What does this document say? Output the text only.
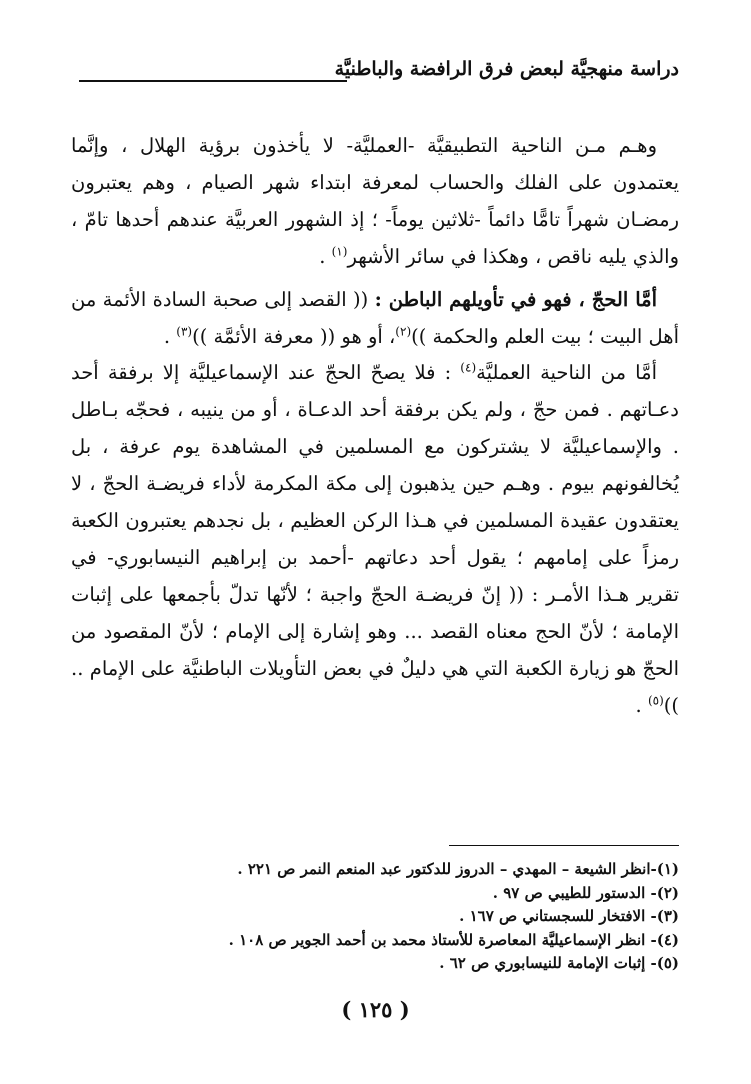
دراسة منهجيَّة لبعض فرق الرافضة والباطنيَّة

وهـم مـن الناحية التطبيقيَّة -العمليَّة- لا يأخذون برؤية الهلال ، وإنَّما يعتمدون على الفلك والحساب لمعرفة ابتداء شهر الصيام ، وهم يعتبرون رمضـان شهراً تامًّا دائماً -ثلاثين يوماً- ؛ إذ الشهور العربيَّة عندهم أحدها تامّ ، والذي يليه ناقص ، وهكذا في سائر الأشهر$^{(١)}$ .

أمَّا الحجّ ، فهو في تأويلهم الباطن : (( القصد إلى صحبة السادة الأئمة من أهل البيت ؛ بيت العلم والحكمة ))$^{(٢)}$، أو هو (( معرفة الأئمَّة ))$^{(٣)}$ .

أمَّا من الناحية العمليَّة$^{(٤)}$ : فلا يصحّ الحجّ عند الإسماعيليَّة إلا برفقة أحد دعـاتهم . فمن حجّ ، ولم يكن برفقة أحد الدعـاة ، أو من ينيبه ، فحجّه بـاطل . والإسماعيليَّة لا يشتركون مع المسلمين في المشاهدة يوم عرفة ، بل يُخالفونهم بيوم . وهـم حين يذهبون إلى مكة المكرمة لأداء فريضـة الحجّ ، لا يعتقدون عقيدة المسلمين في هـذا الركن العظيم ، بل نجدهم يعتبرون الكعبة رمزاً على إمامهم ؛ يقول أحد دعاتهم -أحمد بن إبراهيم النيسابوري- في تقرير هـذا الأمـر : (( إنّ فريضـة الحجّ واجبة ؛ لأنّها تدلّ بأجمعها على إثبات الإمامة ؛ لأنّ الحج معناه القصد ... وهو إشارة إلى الإمام ؛ لأنّ المقصود من الحجّ هو زيارة الكعبة التي هي دليلٌ في بعض التأويلات الباطنيَّة على الإمام .. ))$^{(٥)}$ .

(١)-انظر الشيعة – المهدي – الدروز للدكتور عبد المنعم النمر ص ٢٢١ .
(٢)- الدستور للطيبي ص ٩٧ .
(٣)- الافتخار للسجستاني ص ١٦٧ .
(٤)- انظر الإسماعيليَّة المعاصرة للأستاذ محمد بن أحمد الجوير ص ١٠٨ .
(٥)- إثبات الإمامة للنيسابوري ص ٦٢ .
( ١٢٥ )
